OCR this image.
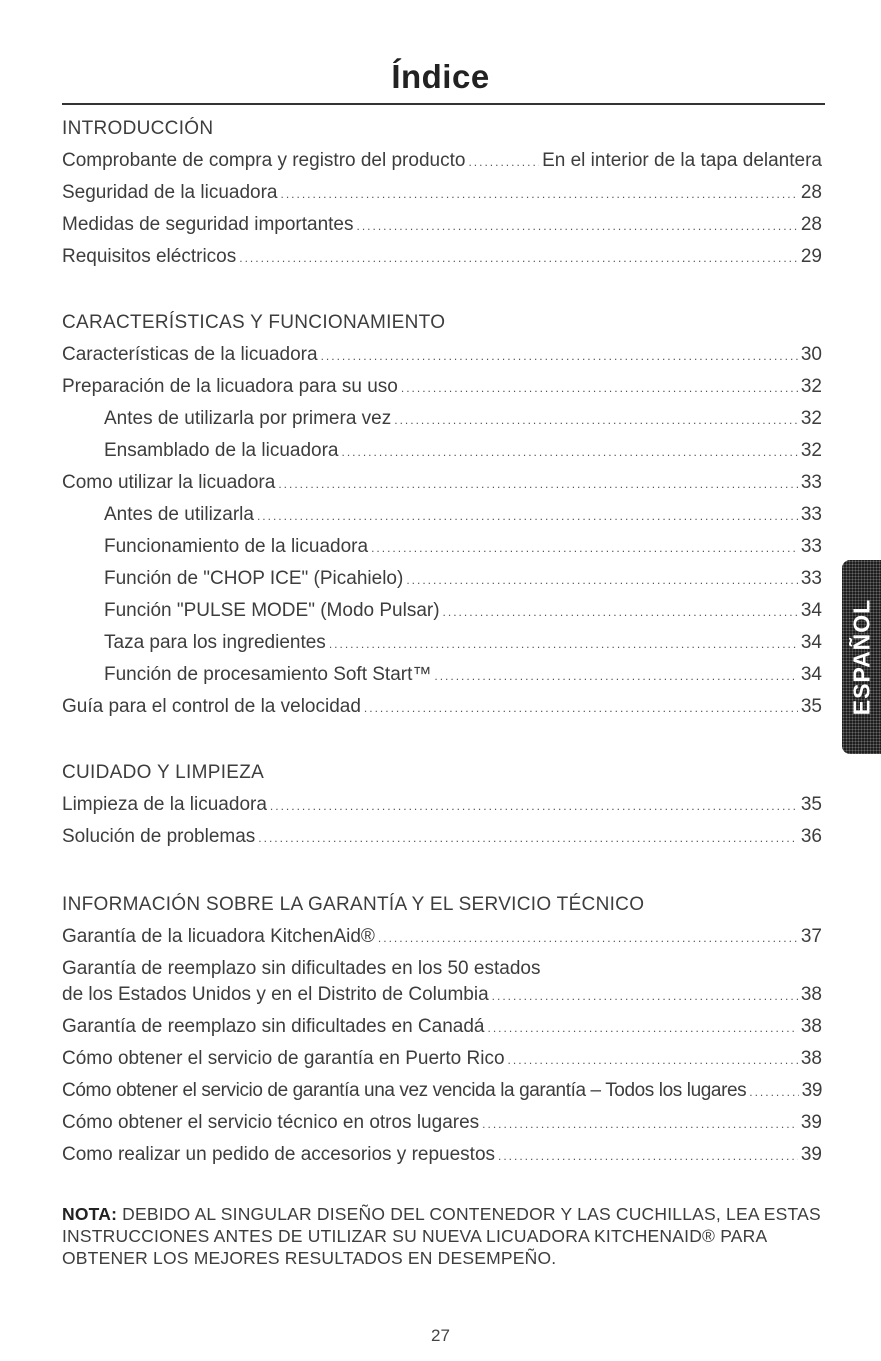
Índice
INTRODUCCIÓN
Comprobante de compra y registro del producto .....	En el interior de la tapa delantera
Seguridad de la licuadora .....	28
Medidas de seguridad importantes .....	28
Requisitos eléctricos .....	29
CARACTERÍSTICAS Y FUNCIONAMIENTO
Características de la licuadora .....	30
Preparación de la licuadora para su uso .....	32
Antes de utilizarla por primera vez .....	32
Ensamblado de la licuadora .....	32
Como utilizar la licuadora .....	33
Antes de utilizarla .....	33
Funcionamiento de la licuadora .....	33
Función de "CHOP ICE" (Picahielo) .....	33
Función "PULSE MODE" (Modo Pulsar) .....	34
Taza para los ingredientes .....	34
Función de procesamiento Soft Start™ .....	34
Guía para el control de la velocidad .....	35
CUIDADO Y LIMPIEZA
Limpieza de la licuadora .....	35
Solución de problemas .....	36
INFORMACIÓN SOBRE LA GARANTÍA Y EL SERVICIO TÉCNICO
Garantía de la licuadora KitchenAid® .....	37
Garantía de reemplazo sin dificultades en los 50 estados
de los Estados Unidos y en el Distrito de Columbia .....	38
Garantía de reemplazo sin dificultades en Canadá .....	38
Cómo obtener el servicio de garantía en Puerto Rico .....	38
Cómo obtener el servicio de garantía una vez vencida la garantía – Todos los lugares .....	39
Cómo obtener el servicio técnico en otros lugares .....	39
Como realizar un pedido de accesorios y repuestos .....	39
NOTA: DEBIDO AL SINGULAR DISEÑO DEL CONTENEDOR Y LAS CUCHILLAS, LEA ESTAS INSTRUCCIONES ANTES DE UTILIZAR SU NUEVA LICUADORA KITCHENAID® PARA OBTENER LOS MEJORES RESULTADOS EN DESEMPEÑO.
ESPAÑOL
27
